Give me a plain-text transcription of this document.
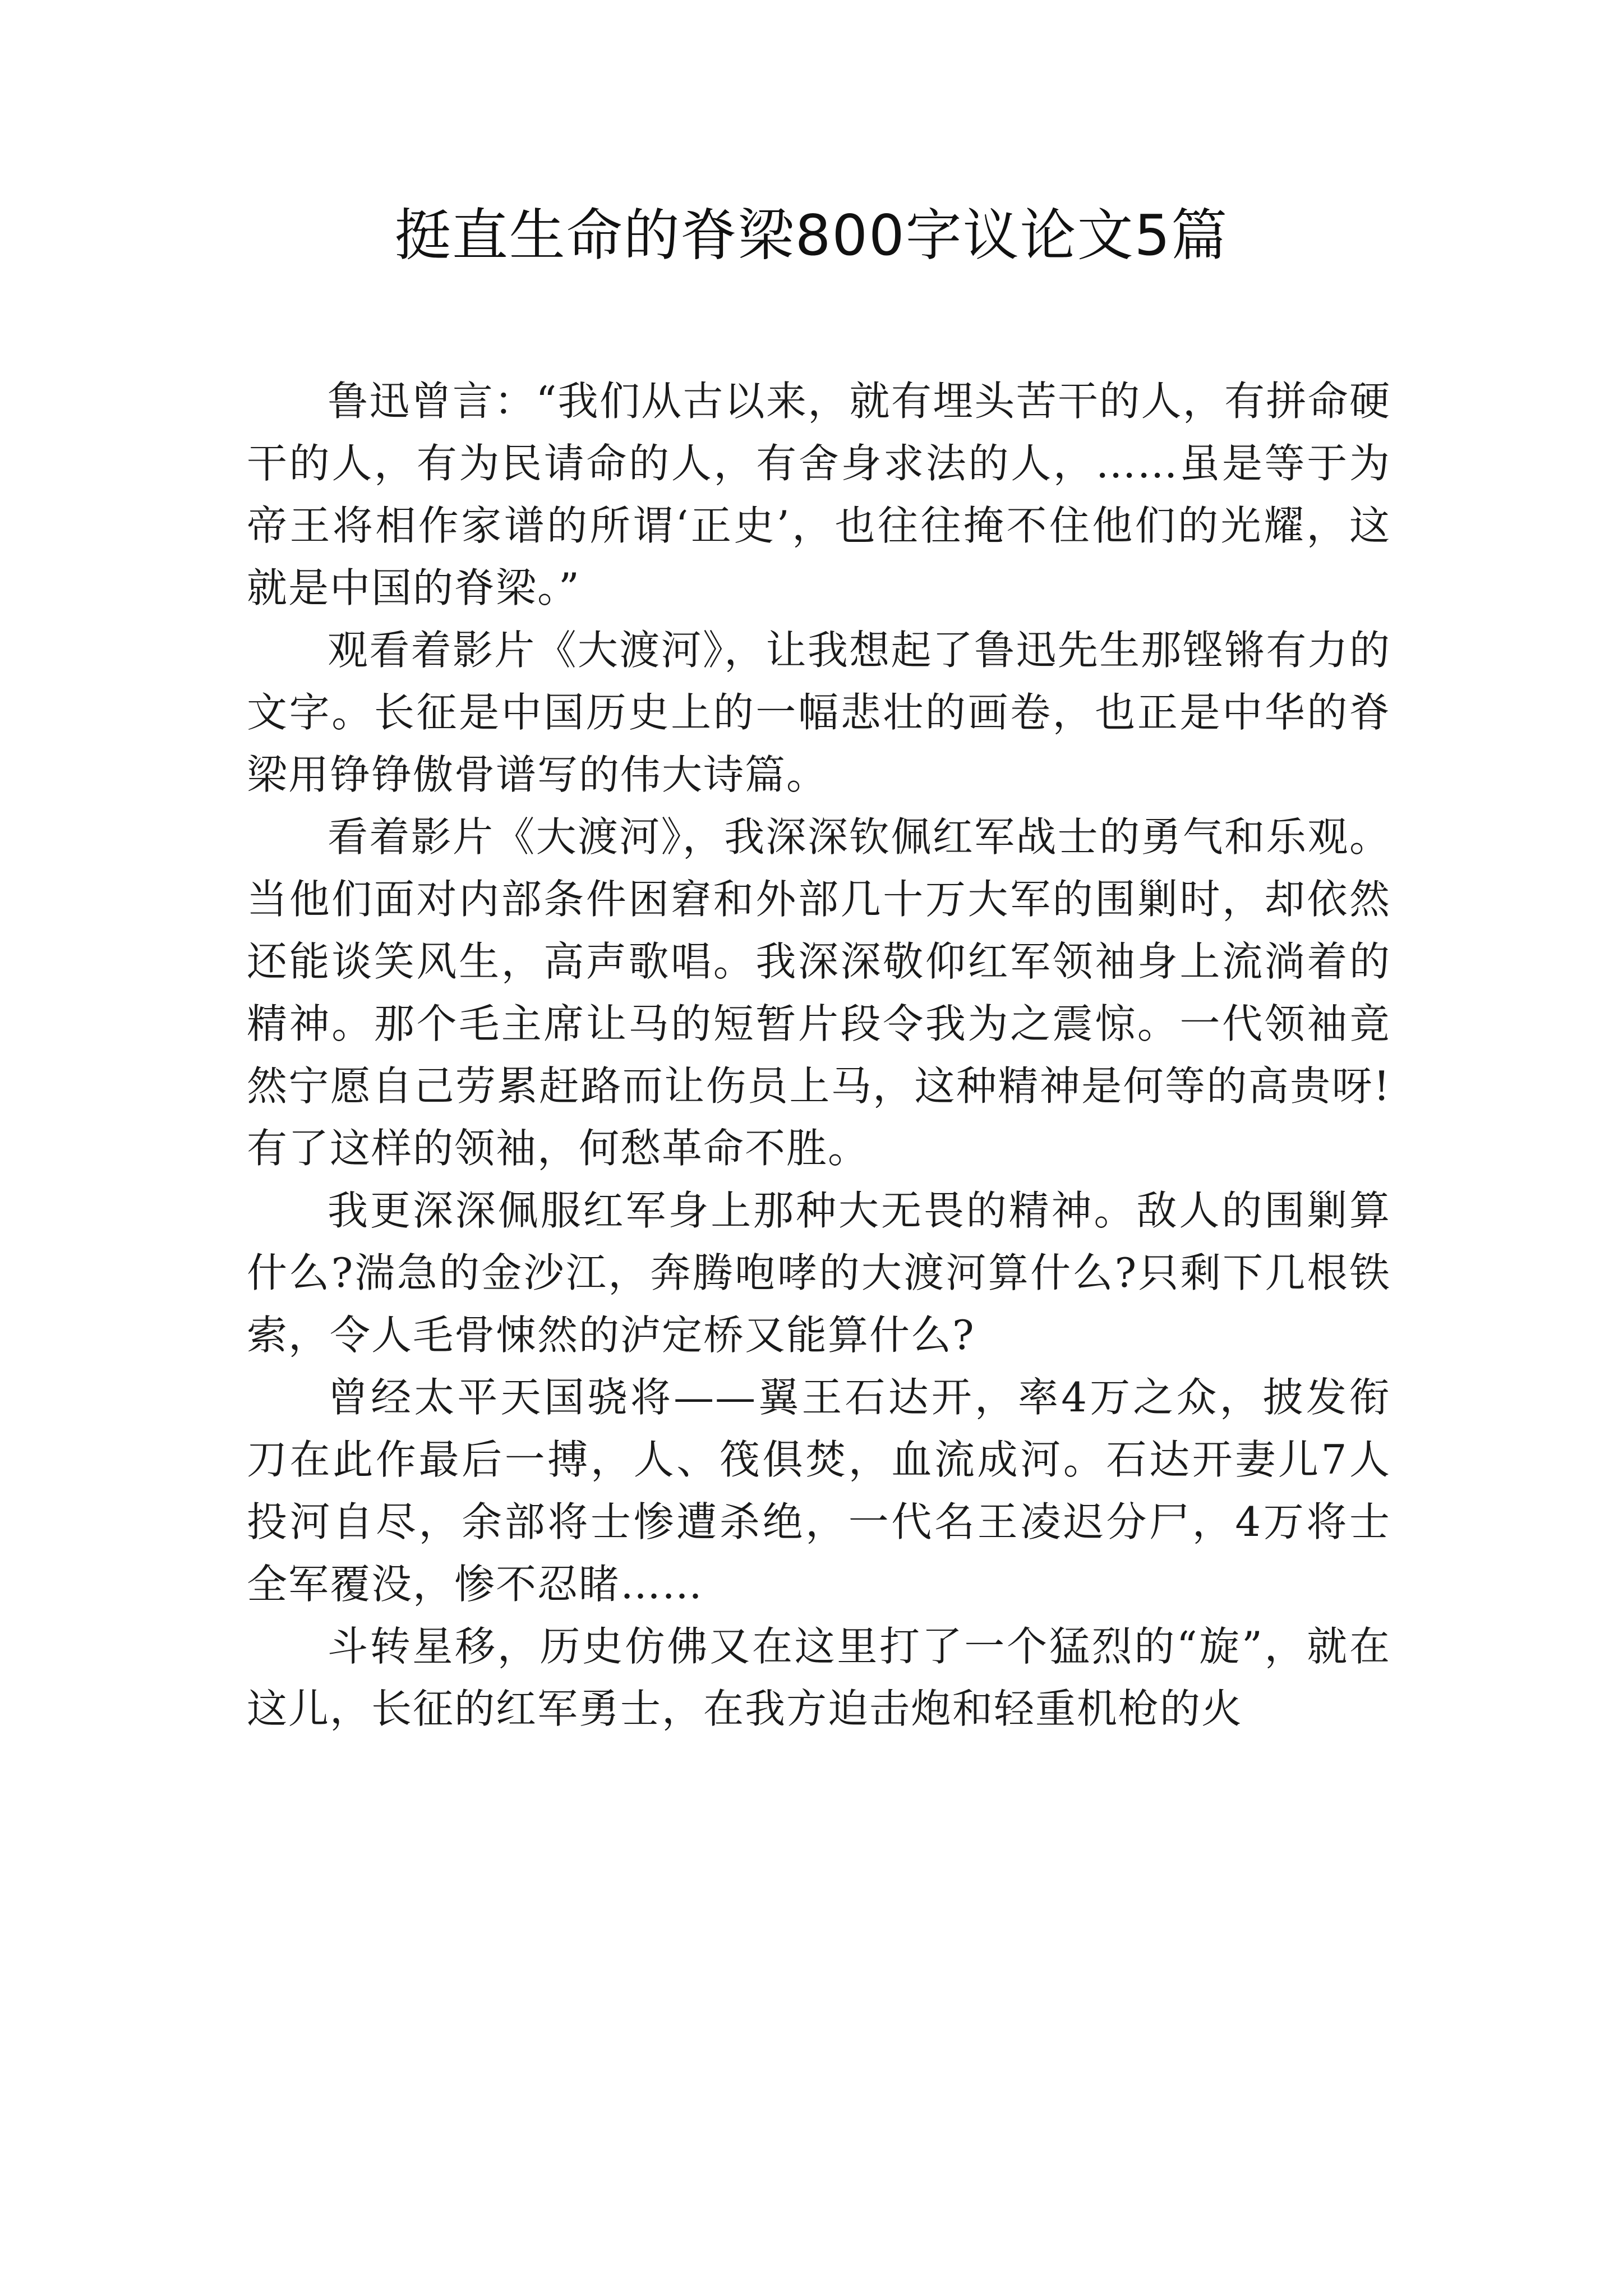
挺直生命的脊梁800字议论文5篇

鲁迅曾言：“我们从古以来，就有埋头苦干的人，有拼命硬干的人，有为民请命的人，有舍身求法的人，……虽是等于为帝王将相作家谱的所谓‘正史’，也往往掩不住他们的光耀，这就是中国的脊梁。”

观看着影片《大渡河》，让我想起了鲁迅先生那铿锵有力的文字。长征是中国历史上的一幅悲壮的画卷，也正是中华的脊梁用铮铮傲骨谱写的伟大诗篇。

看着影片《大渡河》，我深深钦佩红军战士的勇气和乐观。当他们面对内部条件困窘和外部几十万大军的围剿时，却依然还能谈笑风生，高声歌唱。我深深敬仰红军领袖身上流淌着的精神。那个毛主席让马的短暂片段令我为之震惊。一代领袖竟然宁愿自己劳累赶路而让伤员上马，这种精神是何等的高贵呀!有了这样的领袖，何愁革命不胜。

我更深深佩服红军身上那种大无畏的精神。敌人的围剿算什么?湍急的金沙江，奔腾咆哮的大渡河算什么?只剩下几根铁索，令人毛骨悚然的泸定桥又能算什么?

曾经太平天国骁将——翼王石达开，率4万之众，披发衔刀在此作最后一搏，人、筏俱焚，血流成河。石达开妻儿7人投河自尽，余部将士惨遭杀绝，一代名王凌迟分尸，4万将士全军覆没，惨不忍睹……

斗转星移，历史仿佛又在这里打了一个猛烈的“旋”，就在这儿，长征的红军勇士，在我方迫击炮和轻重机枪的火
